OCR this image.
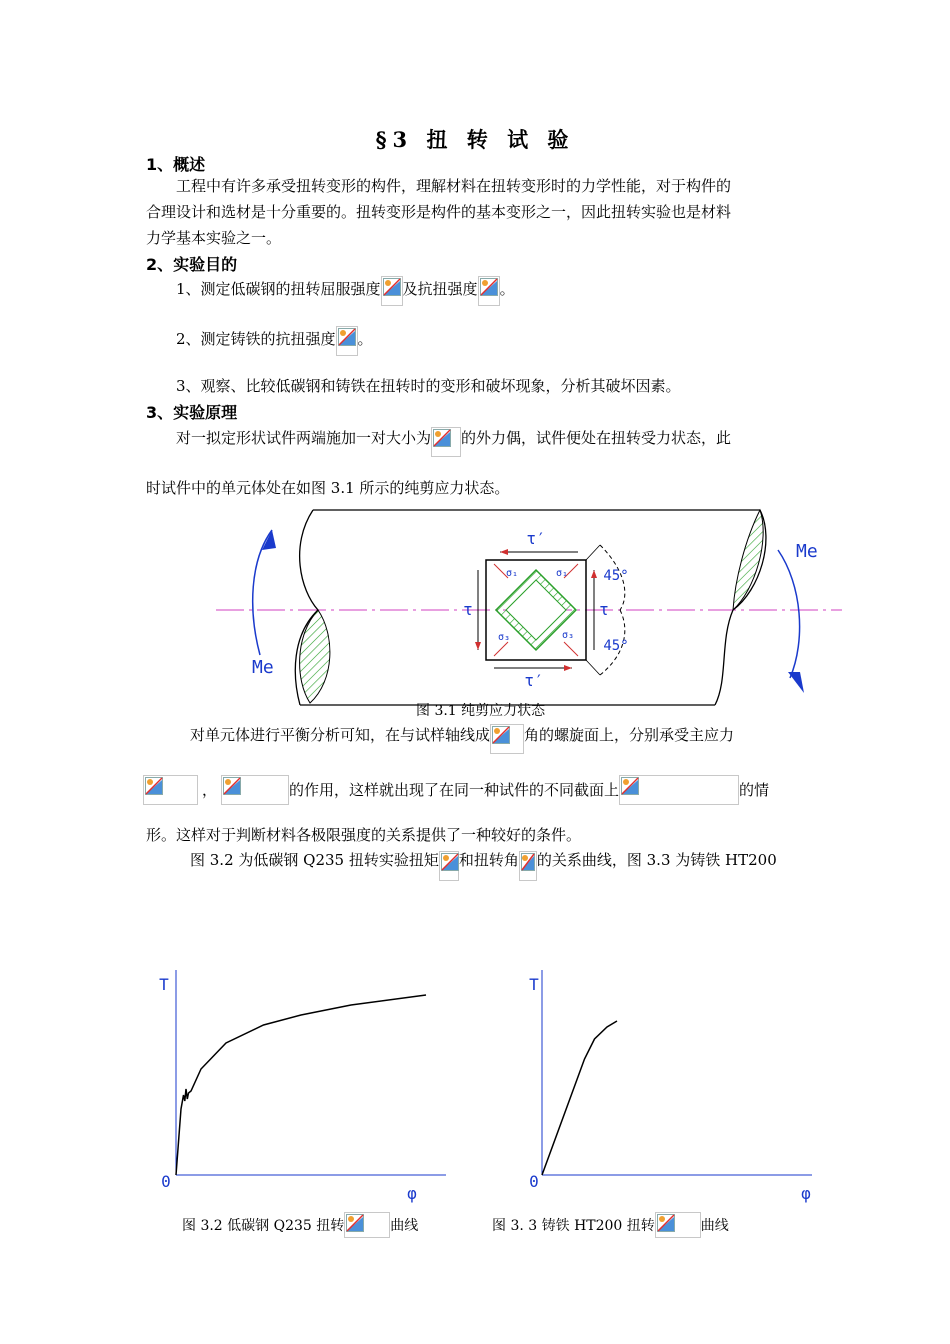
§3 扭 转 试 验
1、概述
工程中有许多承受扭转变形的构件，理解材料在扭转变形时的力学性能，对于构件的
合理设计和选材是十分重要的。扭转变形是构件的基本变形之一，因此扭转实验也是材料
力学基本实验之一。
2、实验目的
1、测定低碳钢的扭转屈服强度 及抗扭强度 。
2、测定铸铁的抗扭强度 。
3、观察、比较低碳钢和铸铁在扭转时的变形和破坏现象，分析其破坏因素。
3、实验原理
对一拟定形状试件两端施加一对大小为 的外力偶，试件便处在扭转受力状态，此
时试件中的单元体处在如图 3.1 所示的纯剪应力状态。
τ′
τ′
τ	τ
45°
45°
σ₁	σ₁
σ₃	σ₃
Me
Me
图 3.1 纯剪应力状态
对单元体进行平衡分析可知，在与试样轴线成 角的螺旋面上，分别承受主应力
，	的作用，这样就出现了在同一种试件的不同截面上	的情
形。这样对于判断材料各极限强度的关系提供了一种较好的条件。
图 3.2 为低碳钢 Q235 扭转实验扭矩 和扭转角 的关系曲线，图 3.3 为铸铁 HT200
T
0
φ
图 3.2 低碳钢 Q235 扭转	曲线
T
0
φ
图 3. 3 铸铁 HT200 扭转	曲线
